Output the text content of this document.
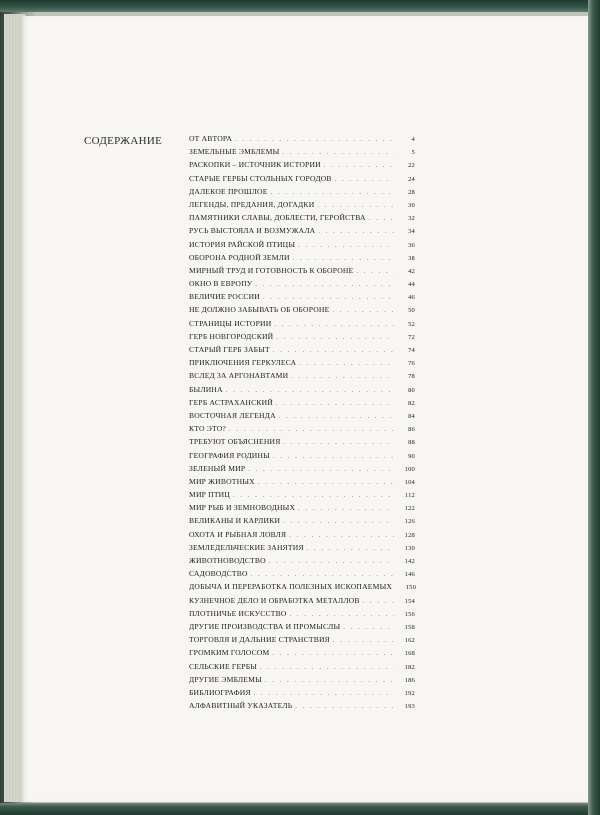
СОДЕРЖАНИЕ	ОТ АВТОРА . . .	4
ЗЕМЕЛЬНЫЕ ЭМБЛЕМЫ . . .	5
РАСКОПКИ – ИСТОЧНИК ИСТОРИИ . . .	22
СТАРЫЕ ГЕРБЫ СТОЛЬНЫХ ГОРОДОВ . . .	24
ДАЛЕКОЕ ПРОШЛОЕ . . .	28
ЛЕГЕНДЫ, ПРЕДАНИЯ, ДОГАДКИ . . .	30
ПАМЯТНИКИ СЛАВЫ, ДОБЛЕСТИ, ГЕРОЙСТВА . . .	32
РУСЬ ВЫСТОЯЛА И ВОЗМУЖАЛА . . .	34
ИСТОРИЯ РАЙСКОЙ ПТИЦЫ . . .	36
ОБОРОНА РОДНОЙ ЗЕМЛИ . . .	38
МИРНЫЙ ТРУД И ГОТОВНОСТЬ К ОБОРОНЕ . . .	42
ОКНО В ЕВРОПУ . . .	44
ВЕЛИЧИЕ РОССИИ . . .	46
НЕ ДОЛЖНО ЗАБЫВАТЬ ОБ ОБОРОНЕ . . .	50
СТРАНИЦЫ ИСТОРИИ . . .	52
ГЕРБ НОВГОРОДСКИЙ . . .	72
СТАРЫЙ ГЕРБ ЗАБЫТ . . .	74
ПРИКЛЮЧЕНИЯ ГЕРКУЛЕСА . . .	76
ВСЛЕД ЗА АРГОНАВТАМИ . . .	78
БЫЛИНА . . .	80
ГЕРБ АСТРАХАНСКИЙ . . .	82
ВОСТОЧНАЯ ЛЕГЕНДА . . .	84
КТО ЭТО? . . .	86
ТРЕБУЮТ ОБЪЯСНЕНИЯ . . .	88
ГЕОГРАФИЯ РОДИНЫ . . .	90
ЗЕЛЕНЫЙ МИР . . .	100
МИР ЖИВОТНЫХ . . .	104
МИР ПТИЦ . . .	112
МИР РЫБ И ЗЕМНОВОДНЫХ . . .	122
ВЕЛИКАНЫ И КАРЛИКИ . . .	126
ОХОТА И РЫБНАЯ ЛОВЛЯ . . .	128
ЗЕМЛЕДЕЛЬЧЕСКИЕ ЗАНЯТИЯ . . .	130
ЖИВОТНОВОДСТВО . . .	142
САДОВОДСТВО . . .	146
ДОБЫЧА И ПЕРЕРАБОТКА ПОЛЕЗНЫХ ИСКОПАЕМЫХ	150
КУЗНЕЧНОЕ ДЕЛО И ОБРАБОТКА МЕТАЛЛОВ . . .	154
ПЛОТНИЧЬЕ ИСКУССТВО . . .	156
ДРУГИЕ ПРОИЗВОДСТВА И ПРОМЫСЛЫ . . .	158
ТОРГОВЛЯ И ДАЛЬНИЕ СТРАНСТВИЯ . . .	162
ГРОМКИМ ГОЛОСОМ . . .	168
СЕЛЬСКИЕ ГЕРБЫ . . .	182
ДРУГИЕ ЭМБЛЕМЫ . . .	186
БИБЛИОГРАФИЯ . . .	192
АЛФАВИТНЫЙ УКАЗАТЕЛЬ . . .	193
